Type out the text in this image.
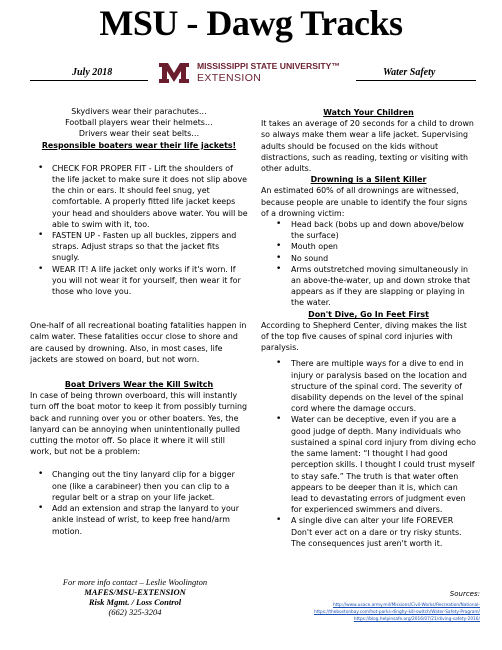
MSU - Dawg Tracks
July 2018	Water Safety
MISSISSIPPI STATE UNIVERSITY™
EXTENSION
Skydivers wear their parachutes…
Football players wear their helmets…
Drivers wear their seat belts…
Responsible boaters wear their life jackets!
• CHECK FOR PROPER FIT - Lift the shoulders of the life jacket to make sure it does not slip above the chin or ears. It should feel snug, yet comfortable. A properly fitted life jacket keeps your head and shoulders above water. You will be able to swim with it, too.
• FASTEN UP - Fasten up all buckles, zippers and straps. Adjust straps so that the jacket fits snugly.
• WEAR IT! A life jacket only works if it's worn. If you will not wear it for yourself, then wear it for those who love you.

One-half of all recreational boating fatalities happen in calm water. These fatalities occur close to shore and are caused by drowning. Also, in most cases, life jackets are stowed on board, but not worn.

Boat Drivers Wear the Kill Switch

In case of being thrown overboard, this will instantly turn off the boat motor to keep it from possibly turning back and running over you or other boaters. Yes, the lanyard can be annoying when unintentionally pulled cutting the motor off. So place it where it will still work, but not be a problem:

• Changing out the tiny lanyard clip for a bigger one (like a carabineer) then you can clip to a regular belt or a strap on your life jacket.
• Add an extension and strap the lanyard to your ankle instead of wrist, to keep free hand/arm motion.
Watch Your Children

It takes an average of 20 seconds for a child to drown so always make them wear a life jacket. Supervising adults should be focused on the kids without distractions, such as reading, texting or visiting with other adults.

Drowning is a Silent Killer

An estimated 60% of all drownings are witnessed, because people are unable to identify the four signs of a drowning victim:

• Head back (bobs up and down above/below the surface)
• Mouth open
• No sound
• Arms outstretched moving simultaneously in an above-the-water, up and down stroke that appears as if they are slapping or playing in the water.
Don't Dive, Go In Feet First

According to Shepherd Center, diving makes the list of the top five causes of spinal cord injuries with paralysis.

• There are multiple ways for a dive to end in injury or paralysis based on the location and structure of the spinal cord. The severity of disability depends on the level of the spinal cord where the damage occurs.
• Water can be deceptive, even if you are a good judge of depth. Many individuals who sustained a spinal cord injury from diving echo the same lament: “I thought I had good perception skills. I thought I could trust myself to stay safe.” The truth is that water often appears to be deeper than it is, which can lead to devastating errors of judgment even for experienced swimmers and divers.
• A single dive can alter your life FOREVER Don't ever act on a dare or try risky stunts. The consequences just aren't worth it.
For more info contact – Leslie Woolington
MAFES/MSU-EXTENSION
Risk Mgmt. / Loss Control
(662) 325-3204
Sources:
http://www.usace.army.mil/Missions/Civil-Works/Recreation/National-
https://thebostonbay.com/hot-parks-dinghy-kill-switch/Water-Safety-Program/
https://blog.helpinsafe.org/2016/07/21/diving-safety-2016/
